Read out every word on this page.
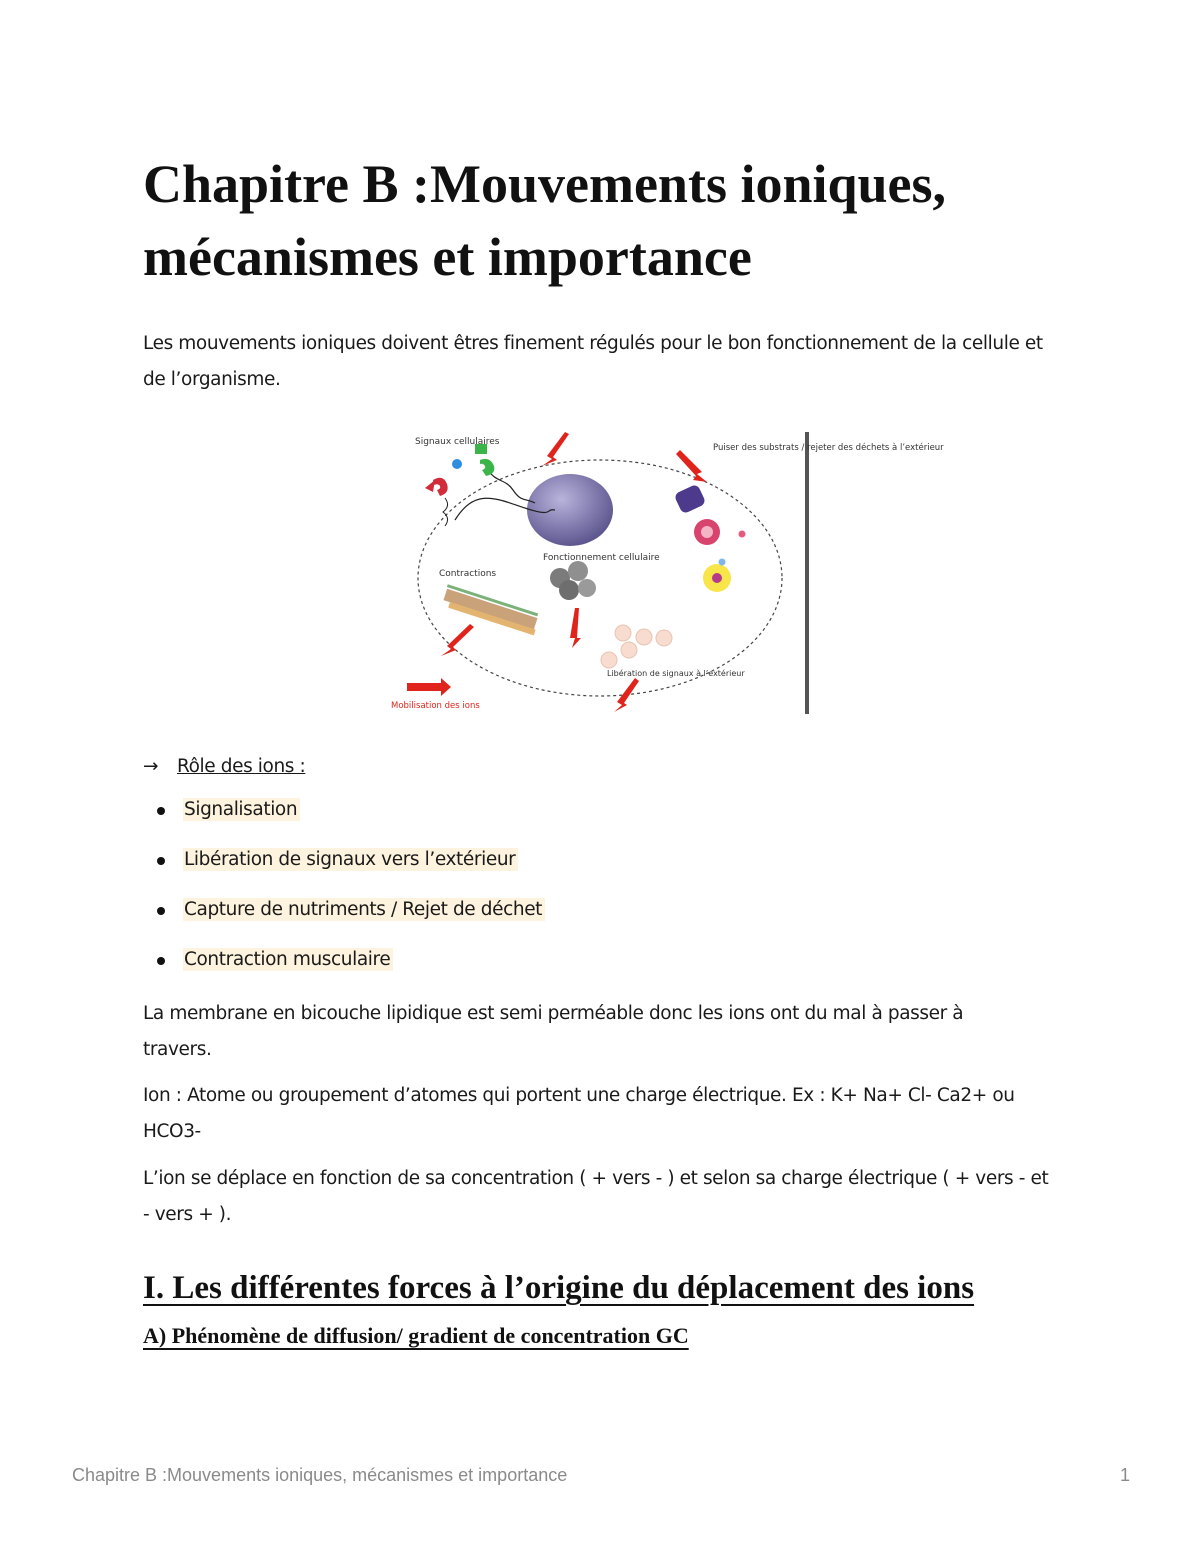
Chapitre B :Mouvements ioniques, mécanismes et importance

Les mouvements ioniques doivent êtres finement régulés pour le bon fonctionnement de la cellule et de l’organisme.

Signaux cellulaires
Puiser des substrats / rejeter des déchets à l’extérieur
Fonctionnement cellulaire
Contractions
Libération de signaux à l’extérieur
Mobilisation des ions
→ Rôle des ions :
Signalisation
Libération de signaux vers l’extérieur
Capture de nutriments / Rejet de déchet
Contraction musculaire

La membrane en bicouche lipidique est semi perméable donc les ions ont du mal à passer à travers.

Ion : Atome ou groupement d’atomes qui portent une charge électrique. Ex : K+ Na+ Cl- Ca2+ ou HCO3-

L’ion se déplace en fonction de sa concentration ( + vers - ) et selon sa charge électrique ( + vers - et - vers + ).

I. Les différentes forces à l’origine du déplacement des ions
A) Phénomène de diffusion/ gradient de concentration GC
Chapitre B :Mouvements ioniques, mécanismes et importance	1
